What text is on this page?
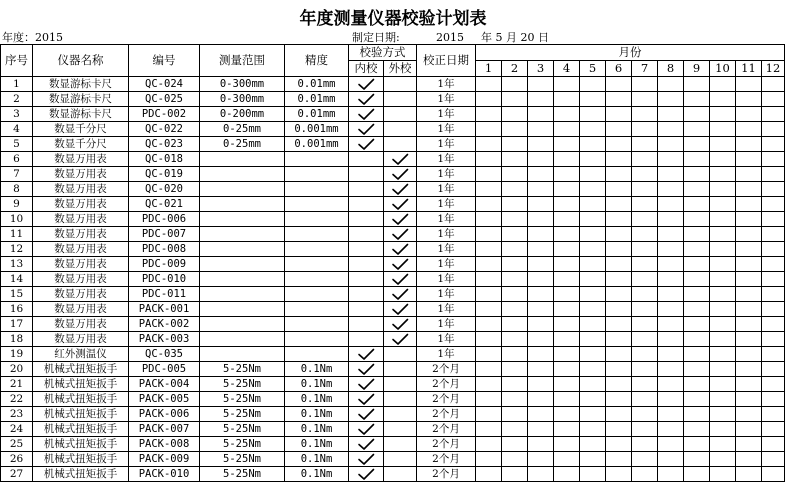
年度测量仪器校验计划表
年度：2015	制定日期:	2015 年 5 月 20 日
序号	仪器名称	编号	测量范围	精度	校验方式		校正日期	月份											
					内校	外校		1	2	3	4	5	6	7	8	9	10	11	12
1	数显游标卡尺	QC-024	0-300mm	0.01mm			1年												
2	数显游标卡尺	QC-025	0-300mm	0.01mm			1年												
3	数显游标卡尺	PDC-002	0-200mm	0.01mm			1年												
4	数显千分尺	QC-022	0-25mm	0.001mm			1年												
5	数显千分尺	QC-023	0-25mm	0.001mm			1年												
6	数显万用表	QC-018					1年												
7	数显万用表	QC-019					1年												
8	数显万用表	QC-020					1年												
9	数显万用表	QC-021					1年												
10	数显万用表	PDC-006					1年												
11	数显万用表	PDC-007					1年												
12	数显万用表	PDC-008					1年												
13	数显万用表	PDC-009					1年												
14	数显万用表	PDC-010					1年												
15	数显万用表	PDC-011					1年												
16	数显万用表	PACK-001					1年												
17	数显万用表	PACK-002					1年												
18	数显万用表	PACK-003					1年												
19	红外测温仪	QC-035					1年												
20	机械式扭矩扳手	PDC-005	5-25Nm	0.1Nm			2个月												
21	机械式扭矩扳手	PACK-004	5-25Nm	0.1Nm			2个月												
22	机械式扭矩扳手	PACK-005	5-25Nm	0.1Nm			2个月												
23	机械式扭矩扳手	PACK-006	5-25Nm	0.1Nm			2个月												
24	机械式扭矩扳手	PACK-007	5-25Nm	0.1Nm			2个月												
25	机械式扭矩扳手	PACK-008	5-25Nm	0.1Nm			2个月												
26	机械式扭矩扳手	PACK-009	5-25Nm	0.1Nm			2个月												
27	机械式扭矩扳手	PACK-010	5-25Nm	0.1Nm			2个月												
